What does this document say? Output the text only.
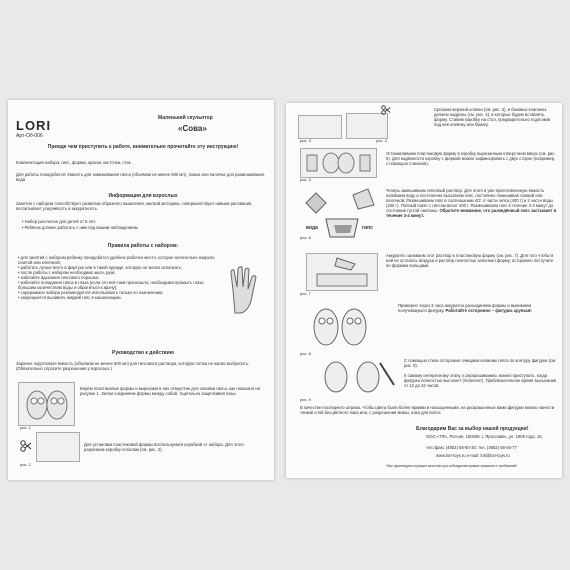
LORI
Арт-Об-006
Маленький скульптор
«Сова»
Прежде чем приступить к работе, внимательно прочитайте эту инструкцию!
Комплектация набора: гипс, формы, краски, кисточка, стек.
Для работы понадобится: ёмкость для замешивания гипса (объёмом не менее 500 мл), ложка или палочка для размешивания, вода
Информация для взрослых
Занятия с набором способствуют развитию образного мышления, мелкой моторики, совершенствуют навыки рисования, воспитывают усидчивость и аккуратность.
• Набор рассчитан для детей от 5 лет.
• Ребёнок должен работать с ним под вашим наблюдением.
Правила работы с набором:
• для занятий с набором ребёнку понадобится удобное рабочее место, которое желательно накрыть газетой или клеёнкой;
• работать лучше всего в фартуке или в такой одежде, которую не жалко испачкать;
• после работы с набором необходимо мыть руки;
• избегайте вдыхания гипсового порошка;
• избегайте попадания гипса в глаза (если это всё-таки произошло, необходимо промыть глаза большим количеством воды и обратиться к врачу);
• содержимое набора рекомендуется использовать только по назначению;
• запрещается выливать жидкий гипс в канализацию.
Руководство к действию
Заранее подготовьте ёмкость (объёмом не менее 500 мл) для гипсового раствора, которую потом не жалко выбросить. (Обязательно спросите разрешения у взрослых.)
рис. 1
Берём пластиковые формы и вырезаем в них отверстие для заливки гипса, как показано на рисунке 1. Затем соединяем формы между собой, тщательно защёлкивая пазы.
рис. 2
Для установки пластиковой формы воспользуемся коробкой от набора. Для этого разрезаем коробку пополам (см. рис. 2).
рис. 3	рис. 4
Срезаем верхний клапан (см. рис. 3), в боковых клапанах делаем надрезы (см. рис. 4), в которые будем вставлять форму. Ставим коробку на стол, предварительно подложив под неё клеёнку или бумагу.
рис. 5
Устанавливаем пластиковую форму в коробку вырезанным отверстием вверх (см. рис. 5). Для надёжности коробку с формой можно зафиксировать с двух сторон (например, с помощью стаканов).
вода	гипс
рис. 6
Теперь замешиваем гипсовый раствор. Для этого в уже приготовленную ёмкость наливаем воду и постепенно высыпаем гипс, постоянно помешивая ложкой или палочкой. Размешиваем гипс в соотношении 4/2: 4 части гипса (400 г) и 2 части воды (200 г). Полный пакет с гипсом весит 400 г. Размешиваем гипс в течение 2-3 минут до состояния густой сметаны. Обратите внимание, что разведённый гипс застывает в течение 3-4 минут.
рис. 7
Аккуратно заливаем этот раствор в пластиковую форму (см. рис. 7). Для того чтобы в ней не осталось воздуха и раствор полностью заполнил форму, осторожно постучите по формам пальцами.
рис. 8
Примерно через 3 часа аккуратно разъединяем формы и вынимаем получившуюся фигурку. Работайте осторожно – фигурка хрупкая!
рис. 9
С помощью стека осторожно очищаем излишки гипса по контуру фигурки (см. рис. 9).
К самому интересному этапу, к раскрашиванию, можно приступать, когда фигурка полностью высохнет (побелеет). Приблизительное время высыхания от 12 до 24 часов.
В качестве последнего штриха, чтобы цвета были более яркими и насыщенными, на раскрашенные вами фигурки можно нанести тонкий слой бесцветного лака или, с разрешения мамы, лака для волос.
Благодарим Вас за выбор нашей продукции!
ООО «ТФ», Россия, 150038, г. Ярославль, ул. 1905 года, 15,
тел./факс (4852) 58-50-30, тел. (4852) 58-55-77
www.lori-toys.ru e-mail: lori@lori-toys.ru
*Мы гарантируем хорошее качество при соблюдении правил хранения и требований.
